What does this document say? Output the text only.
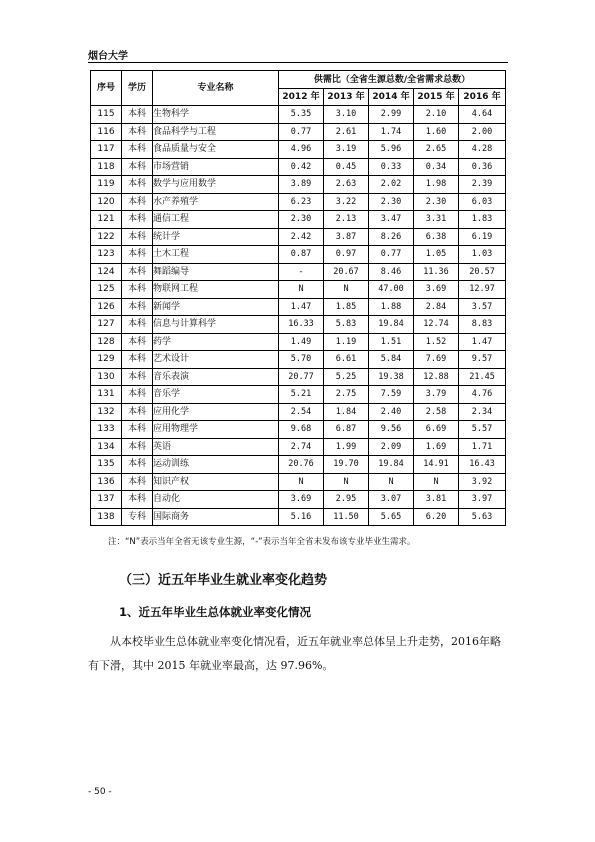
烟台大学
序号	学历	专业名称	供需比（全省生源总数/全省需求总数）				
			2012 年	2013 年	2014 年	2015 年	2016 年
115	本科	生物科学	5.35	3.10	2.99	2.10	4.64
116	本科	食品科学与工程	0.77	2.61	1.74	1.60	2.00
117	本科	食品质量与安全	4.96	3.19	5.96	2.65	4.28
118	本科	市场营销	0.42	0.45	0.33	0.34	0.36
119	本科	数学与应用数学	3.89	2.63	2.02	1.98	2.39
120	本科	水产养殖学	6.23	3.22	2.30	2.30	6.03
121	本科	通信工程	2.30	2.13	3.47	3.31	1.83
122	本科	统计学	2.42	3.87	8.26	6.38	6.19
123	本科	土木工程	0.87	0.97	0.77	1.05	1.03
124	本科	舞蹈编导	-	20.67	8.46	11.36	20.57
125	本科	物联网工程	N	N	47.00	3.69	12.97
126	本科	新闻学	1.47	1.85	1.88	2.84	3.57
127	本科	信息与计算科学	16.33	5.83	19.84	12.74	8.83
128	本科	药学	1.49	1.19	1.51	1.52	1.47
129	本科	艺术设计	5.70	6.61	5.84	7.69	9.57
130	本科	音乐表演	20.77	5.25	19.38	12.88	21.45
131	本科	音乐学	5.21	2.75	7.59	3.79	4.76
132	本科	应用化学	2.54	1.84	2.40	2.58	2.34
133	本科	应用物理学	9.68	6.87	9.56	6.69	5.57
134	本科	英语	2.74	1.99	2.09	1.69	1.71
135	本科	运动训练	20.76	19.70	19.84	14.91	16.43
136	本科	知识产权	N	N	N	N	3.92
137	本科	自动化	3.69	2.95	3.07	3.81	3.97
138	专科	国际商务	5.16	11.50	5.65	6.20	5.63
注：“N”表示当年全省无该专业生源，“-”表示当年全省未发布该专业毕业生需求。
（三）近五年毕业生就业率变化趋势
1、近五年毕业生总体就业率变化情况
从本校毕业生总体就业率变化情况看，近五年就业率总体呈上升走势，2016年略有下滑，其中 2015 年就业率最高，达 97.96%。
- 50 -
